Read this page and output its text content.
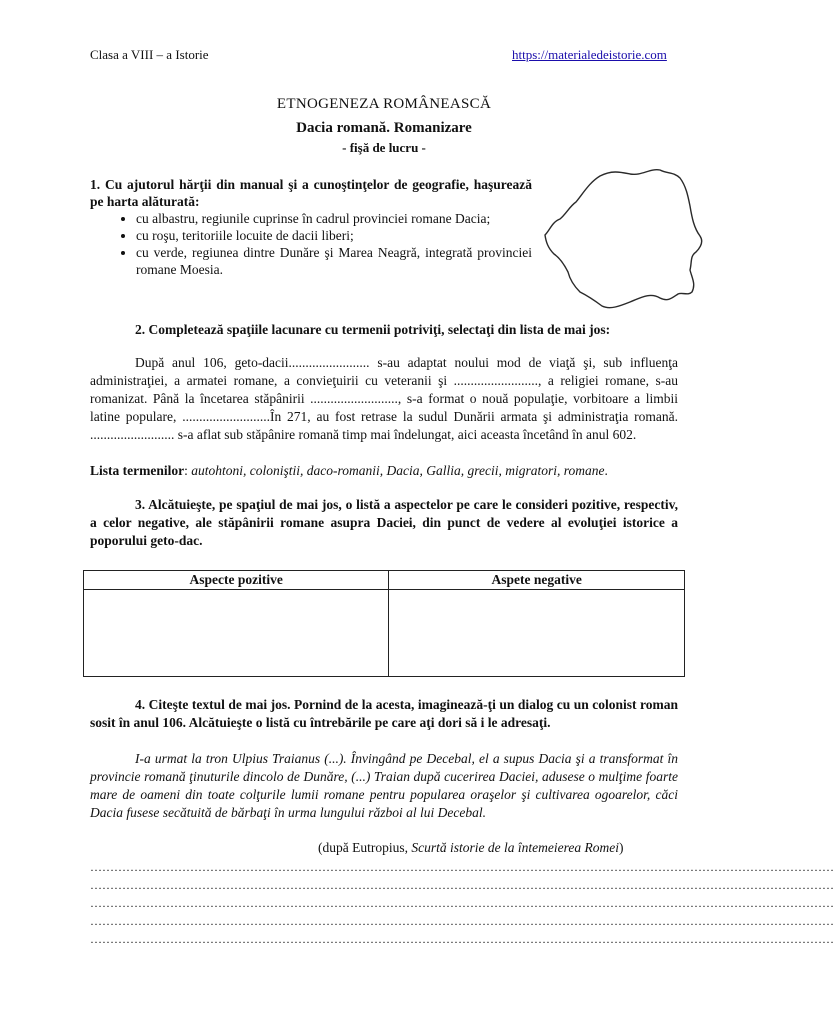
Clasa a VIII – a Istorie	https://materialedeistorie.com
ETNOGENEZA ROMÂNEASCĂ
Dacia romană. Romanizare
- fişă de lucru -
1. Cu ajutorul hărţii din manual şi a cunoştinţelor de geografie, haşurează pe harta alăturată:
• cu albastru, regiunile cuprinse în cadrul provinciei romane Dacia;
• cu roşu, teritoriile locuite de dacii liberi;
• cu verde, regiunea dintre Dunăre şi Marea Neagră, integrată provinciei romane Moesia.
2. Completează spaţiile lacunare cu termenii potriviţi, selectaţi din lista de mai jos:
După anul 106, geto-dacii........................ s-au adaptat noului mod de viaţă şi, sub influenţa administraţiei, a armatei romane, a convieţuirii cu veteranii şi ........................., a religiei romane, s-au romanizat. Până la încetarea stăpânirii .........................., s-a format o nouă populaţie, vorbitoare a limbii latine populare, ..........................În 271, au fost retrase la sudul Dunării armata şi administraţia romană. ......................... s-a aflat sub stăpânire romană timp mai îndelungat, aici aceasta încetând în anul 602.
Lista termenilor: autohtoni, coloniştii, daco-romanii, Dacia, Gallia, grecii, migratori, romane.
3. Alcătuieşte, pe spaţiul de mai jos, o listă a aspectelor pe care le consideri pozitive, respectiv, a celor negative, ale stăpânirii romane asupra Daciei, din punct de vedere al evoluţiei istorice a poporului geto-dac.
Aspecte pozitive	Aspete negative

4. Citeşte textul de mai jos. Pornind de la acesta, imaginează-ţi un dialog cu un colonist roman sosit în anul 106. Alcătuieşte o listă cu întrebările pe care aţi dori să i le adresaţi.
I-a urmat la tron Ulpius Traianus (...). Învingând pe Decebal, el a supus Dacia şi a transformat în provincie romană ţinuturile dincolo de Dunăre, (...) Traian după cucerirea Daciei, adusese o mulţime foarte mare de oameni din toate colţurile lumii romane pentru popularea oraşelor şi cultivarea ogoarelor, căci Dacia fusese secătuită de bărbaţi în urma lungului război al lui Decebal.
(după Eutropius, Scurtă istorie de la întemeierea Romei)
……………………………………………………………………………………………………………………………………………………………………
……………………………………………………………………………………………………………………………………………………………………
……………………………………………………………………………………………………………………………………………………………………
……………………………………………………………………………………………………………………………………………………………………
……………………………………………………………………………………………………………………………………………………………………
